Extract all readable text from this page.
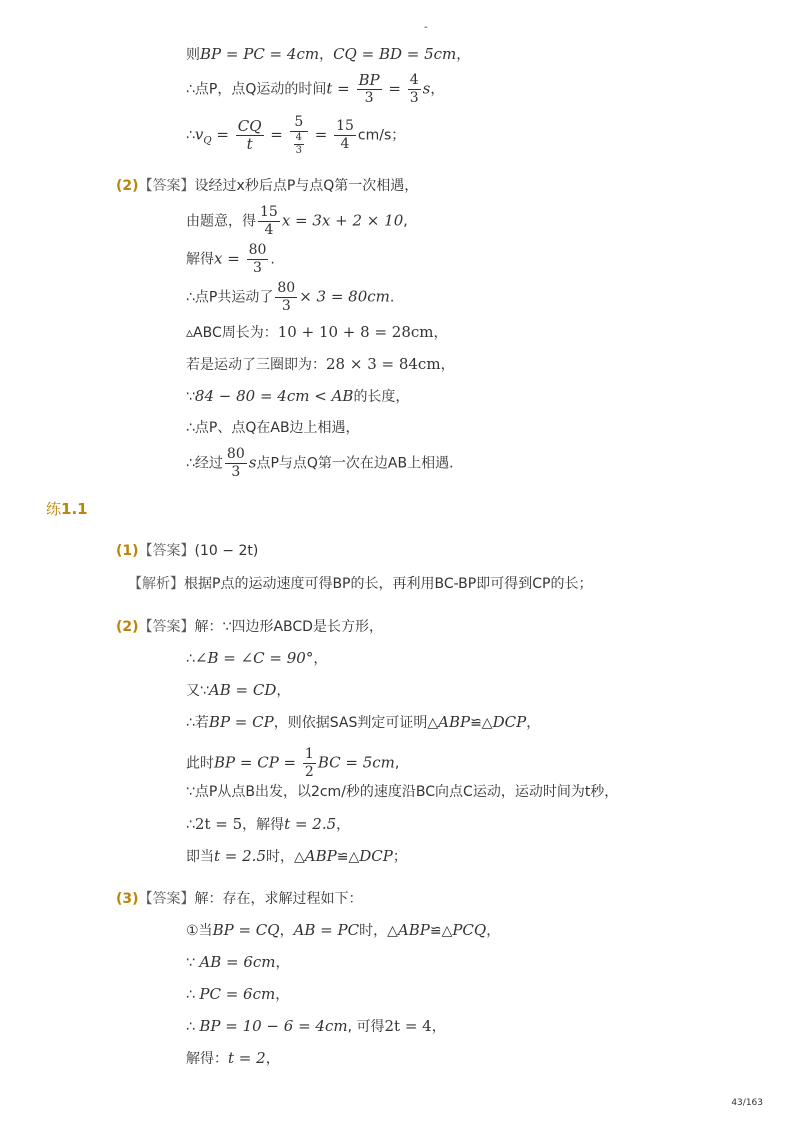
-
则BP = PC = 4cm，CQ = BD = 5cm，
∴点P，点Q运动的时间$t = \frac{BP}{3} = \frac{4}{3}$ s，
$\therefore v_Q = \frac{CQ}{t} = \frac{5}{\frac{4}{3}} = \frac{15}{4} cm/s$；
(2)【答案】设经过x秒后点P与点Q第一次相遇，
由题意，得 $\frac{15}{4}$ x = 3x + 2 × 10,
解得$x = \frac{80}{3}$ .
∴点P共运动了 $\frac{80}{3} \times 3 = 80cm$.
▵ABC周长为：10 + 10 + 8 = 28cm，
若是运动了三圈即为：28 × 3 = 84cm，
∵84 − 80 = 4cm < AB的长度，
∴点P、点Q在AB边上相遇，
∴经过 $\frac{80}{3}$ s点P与点Q第一次在边AB上相遇．
练1.1
(1)【答案】(10 − 2t)
【解析】根据P点的运动速度可得BP的长，再利用BC-BP即可得到CP的长；
(2)【答案】解：∵四边形ABCD是长方形，
∴∠B = ∠C = 90°，
又∵AB = CD，
∴若BP = CP，则依据SAS判定可证明△ABP≌△DCP，
此时BP = CP = $\frac{1}{2}$ BC = 5cm,
∵点P从点B出发，以2cm/秒的速度沿BC向点C运动，运动时间为t秒，
∴2t = 5，解得t = 2.5，
即当t = 2.5时，△ABP≌△DCP；
(3)【答案】解：存在，求解过程如下：
①当BP = CQ，AB = PC时，△ABP≌△PCQ，
∵ AB = 6cm，
∴ PC = 6cm，
∴ BP = 10 − 6 = 4cm, 可得2t = 4，
解得：t = 2，
43/163
